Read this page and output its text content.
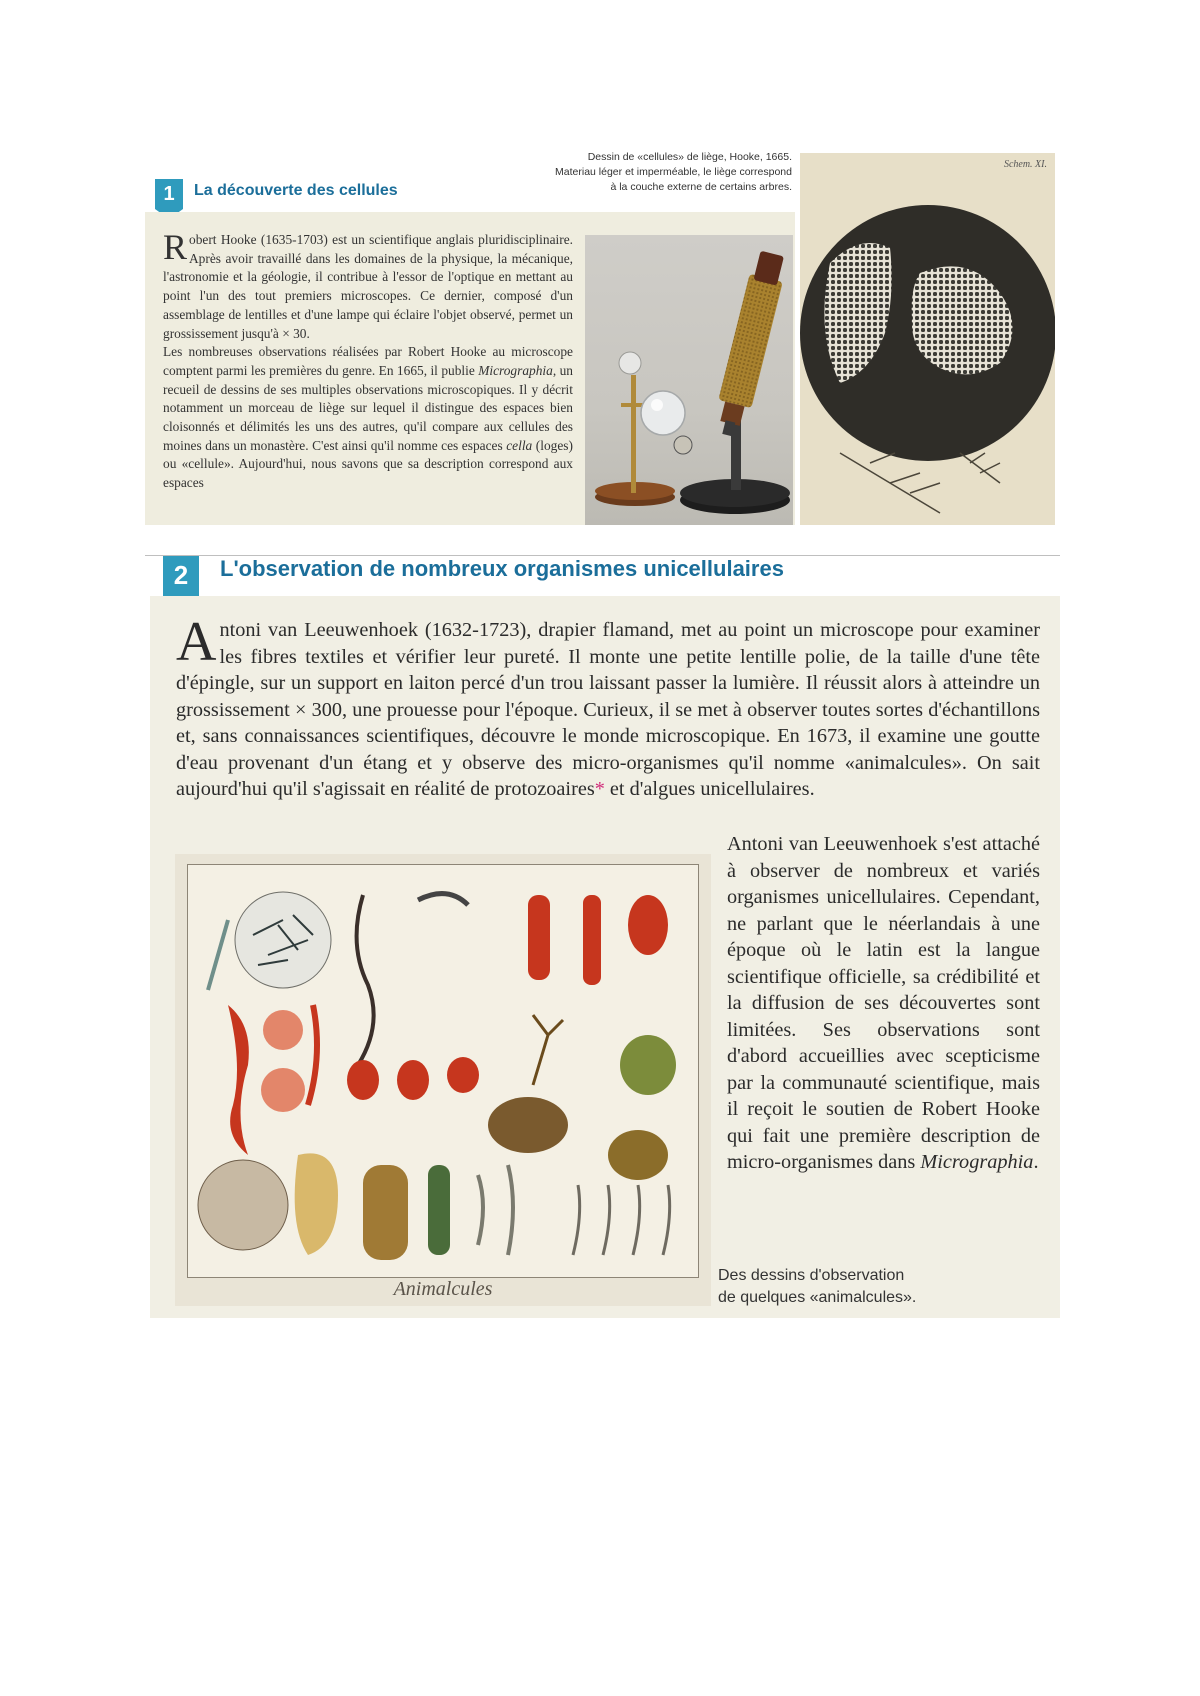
1 La découverte des cellules
Dessin de «cellules» de liège, Hooke, 1665.
Materiau léger et imperméable, le liège correspond
à la couche externe de certains arbres.

Robert Hooke (1635-1703) est un scientifique anglais pluridisciplinaire. Après avoir travaillé dans les domaines de la physique, la mécanique, l'astronomie et la géologie, il contribue à l'essor de l'optique en mettant au point l'un des tout premiers microscopes. Ce dernier, composé d'un assemblage de lentilles et d'une lampe qui éclaire l'objet observé, permet un grossissement jusqu'à × 30.

Les nombreuses observations réalisées par Robert Hooke au microscope comptent parmi les premières du genre. En 1665, il publie Micrographia, un recueil de dessins de ses multiples observations microscopiques. Il y décrit notamment un morceau de liège sur lequel il distingue des espaces bien cloisonnés et délimités les uns des autres, qu'il compare aux cellules des moines dans un monastère. C'est ainsi qu'il nomme ces espaces cella (loges) ou «cellule». Aujourd'hui, nous savons que sa description correspond aux espaces

Schem. XI.
2 L'observation de nombreux organismes unicellulaires

Antoni van Leeuwenhoek (1632-1723), drapier flamand, met au point un microscope pour examiner les fibres textiles et vérifier leur pureté. Il monte une petite lentille polie, de la taille d'une tête d'épingle, sur un support en laiton percé d'un trou laissant passer la lumière. Il réussit alors à atteindre un grossissement × 300, une prouesse pour l'époque. Curieux, il se met à observer toutes sortes d'échantillons et, sans connaissances scientifiques, découvre le monde microscopique. En 1673, il examine une goutte d'eau provenant d'un étang et y observe des micro-organismes qu'il nomme «animalcules». On sait aujourd'hui qu'il s'agissait en réalité de protozoaires* et d'algues unicellulaires.

Antoni van Leeuwenhoek s'est attaché à observer de nombreux et variés organismes unicellulaires. Cependant, ne parlant que le néerlandais à une époque où le latin est la langue scientifique officielle, sa crédibilité et la diffusion de ses découvertes sont limitées. Ses observations sont d'abord accueillies avec scepticisme par la communauté scientifique, mais il reçoit le soutien de Robert Hooke qui fait une première description de micro-organismes dans Micrographia.

Animalcules
Des dessins d'observation
de quelques «animalcules».
